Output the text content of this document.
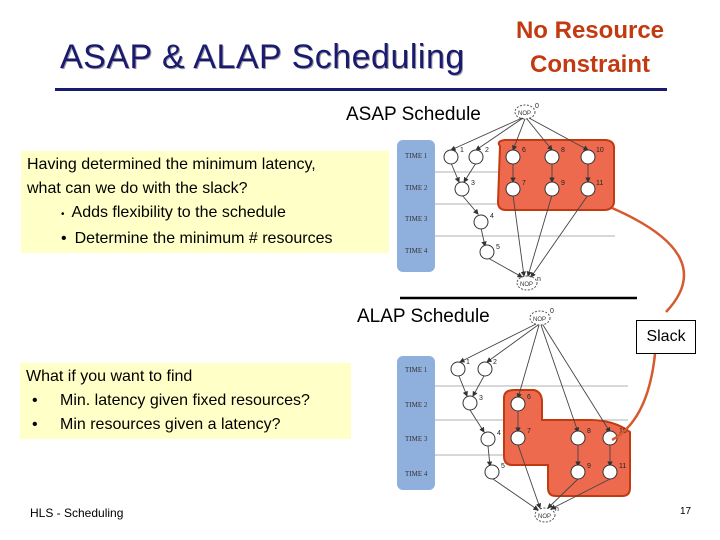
TIME 1
TIME 2
TIME 3
TIME 4
NOP
NOP
0
1	2	6	8	10
3	7	9	11
4
5
n
TIME 1
TIME 2
TIME 3
TIME 4
NOP
NOP
0
1	2
3	6
7	8	10
4
9	11
5
n
ASAP & ALAP Scheduling
No Resource
Constraint
ASAP Schedule
ALAP Schedule
Having determined the minimum latency,
what can we do with the slack?
• Adds flexibility to the schedule
• Determine the minimum # resources
What if you want to find
• Min. latency given fixed resources?
• Min resources given a latency?
Slack
HLS - Scheduling	17
